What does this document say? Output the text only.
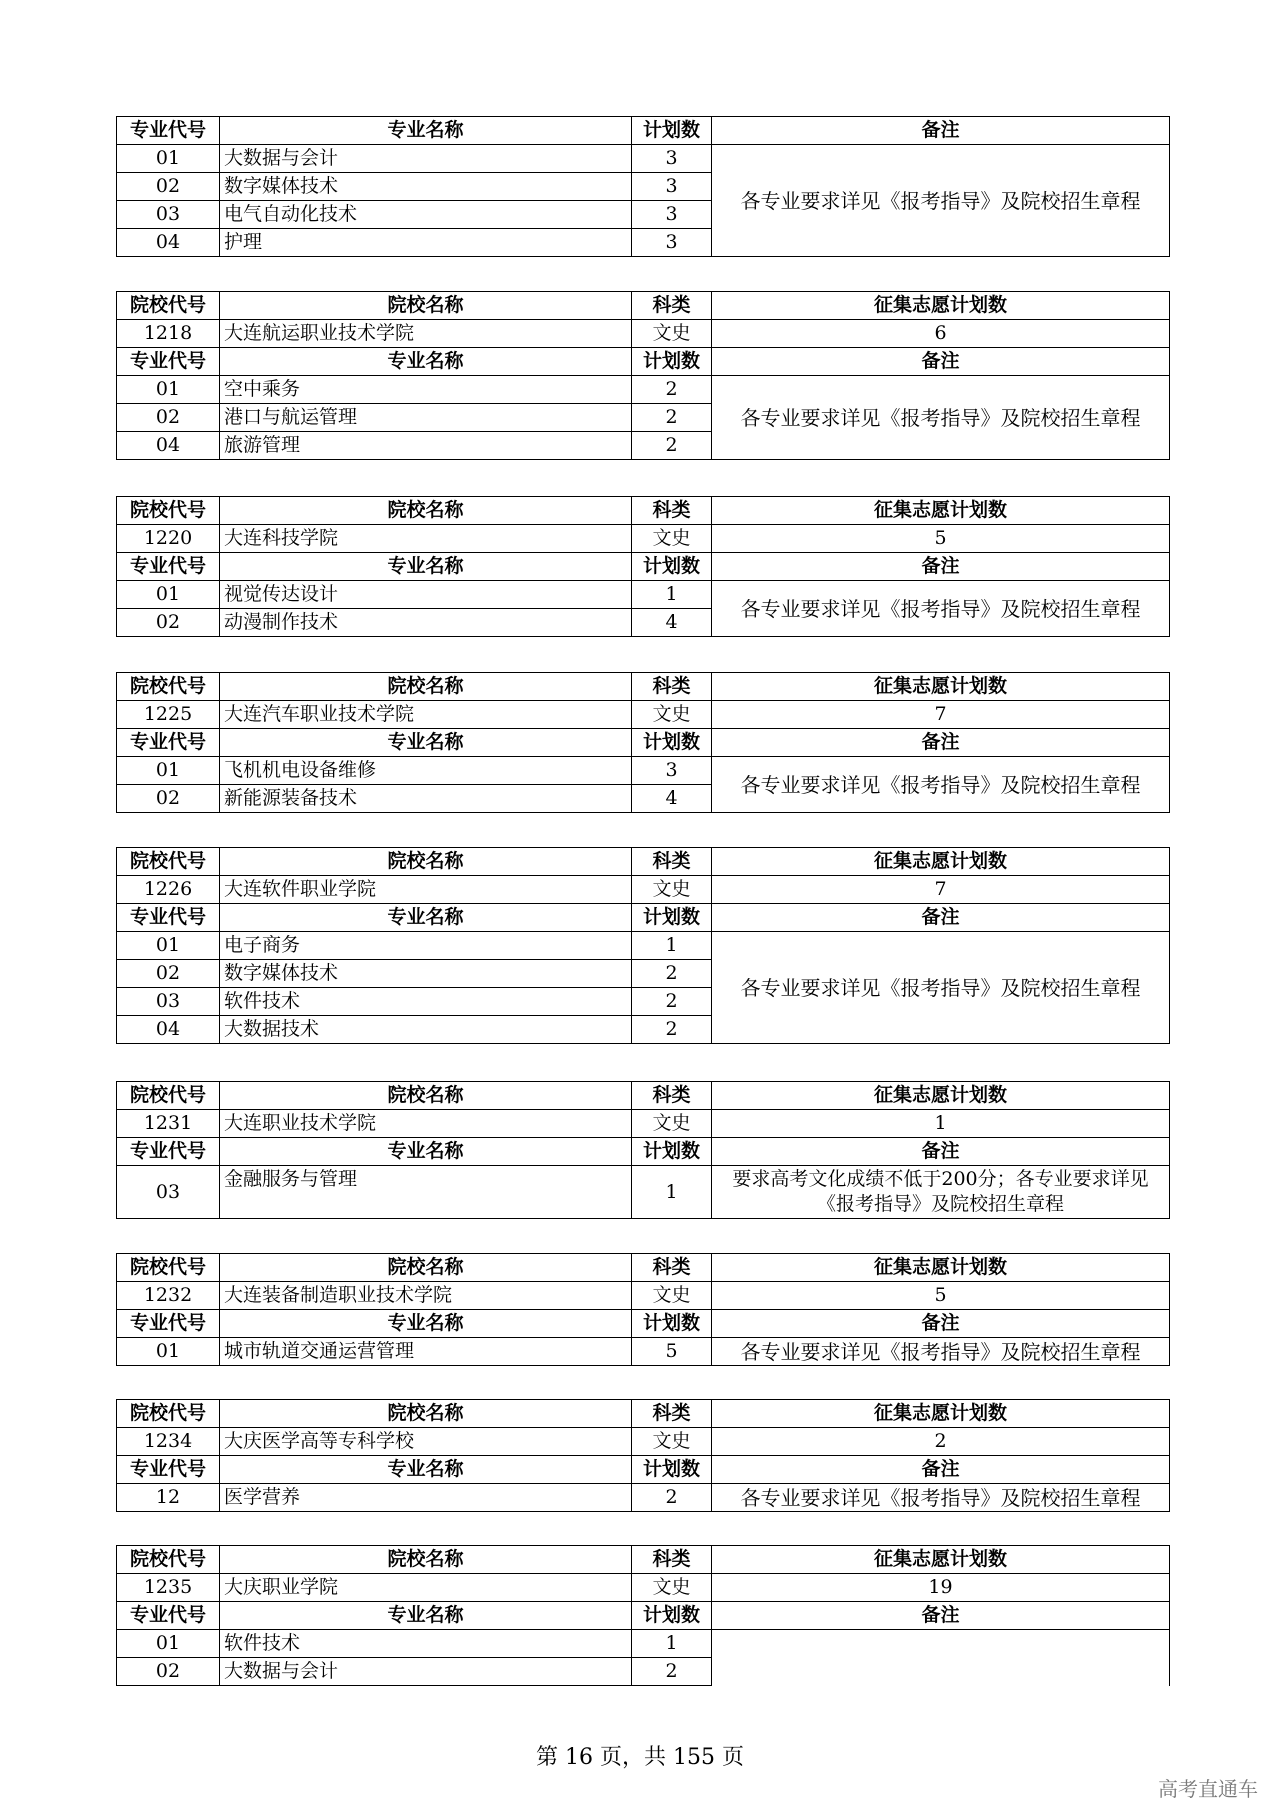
专业代号	专业名称	计划数	备注
01	大数据与会计	3	各专业要求详见《报考指导》及院校招生章程
02	数字媒体技术	3	
03	电气自动化技术	3	
04	护理	3	
院校代号	院校名称	科类	征集志愿计划数
1218	大连航运职业技术学院	文史	6
专业代号	专业名称	计划数	备注
01	空中乘务	2	各专业要求详见《报考指导》及院校招生章程
02	港口与航运管理	2	
04	旅游管理	2	
院校代号	院校名称	科类	征集志愿计划数
1220	大连科技学院	文史	5
专业代号	专业名称	计划数	备注
01	视觉传达设计	1	各专业要求详见《报考指导》及院校招生章程
02	动漫制作技术	4	
院校代号	院校名称	科类	征集志愿计划数
1225	大连汽车职业技术学院	文史	7
专业代号	专业名称	计划数	备注
01	飞机机电设备维修	3	各专业要求详见《报考指导》及院校招生章程
02	新能源装备技术	4	
院校代号	院校名称	科类	征集志愿计划数
1226	大连软件职业学院	文史	7
专业代号	专业名称	计划数	备注
01	电子商务	1	各专业要求详见《报考指导》及院校招生章程
02	数字媒体技术	2	
03	软件技术	2	
04	大数据技术	2	
院校代号	院校名称	科类	征集志愿计划数
1231	大连职业技术学院	文史	1
专业代号	专业名称	计划数	备注
03	金融服务与管理	1	要求高考文化成绩不低于200分；各专业要求详见《报考指导》及院校招生章程
院校代号	院校名称	科类	征集志愿计划数
1232	大连装备制造职业技术学院	文史	5
专业代号	专业名称	计划数	备注
01	城市轨道交通运营管理	5	各专业要求详见《报考指导》及院校招生章程
院校代号	院校名称	科类	征集志愿计划数
1234	大庆医学高等专科学校	文史	2
专业代号	专业名称	计划数	备注
12	医学营养	2	各专业要求详见《报考指导》及院校招生章程
院校代号	院校名称	科类	征集志愿计划数
1235	大庆职业学院	文史	19
专业代号	专业名称	计划数	备注
01	软件技术	1	
02	大数据与会计	2	
第 16 页，共 155 页
高考直通车
